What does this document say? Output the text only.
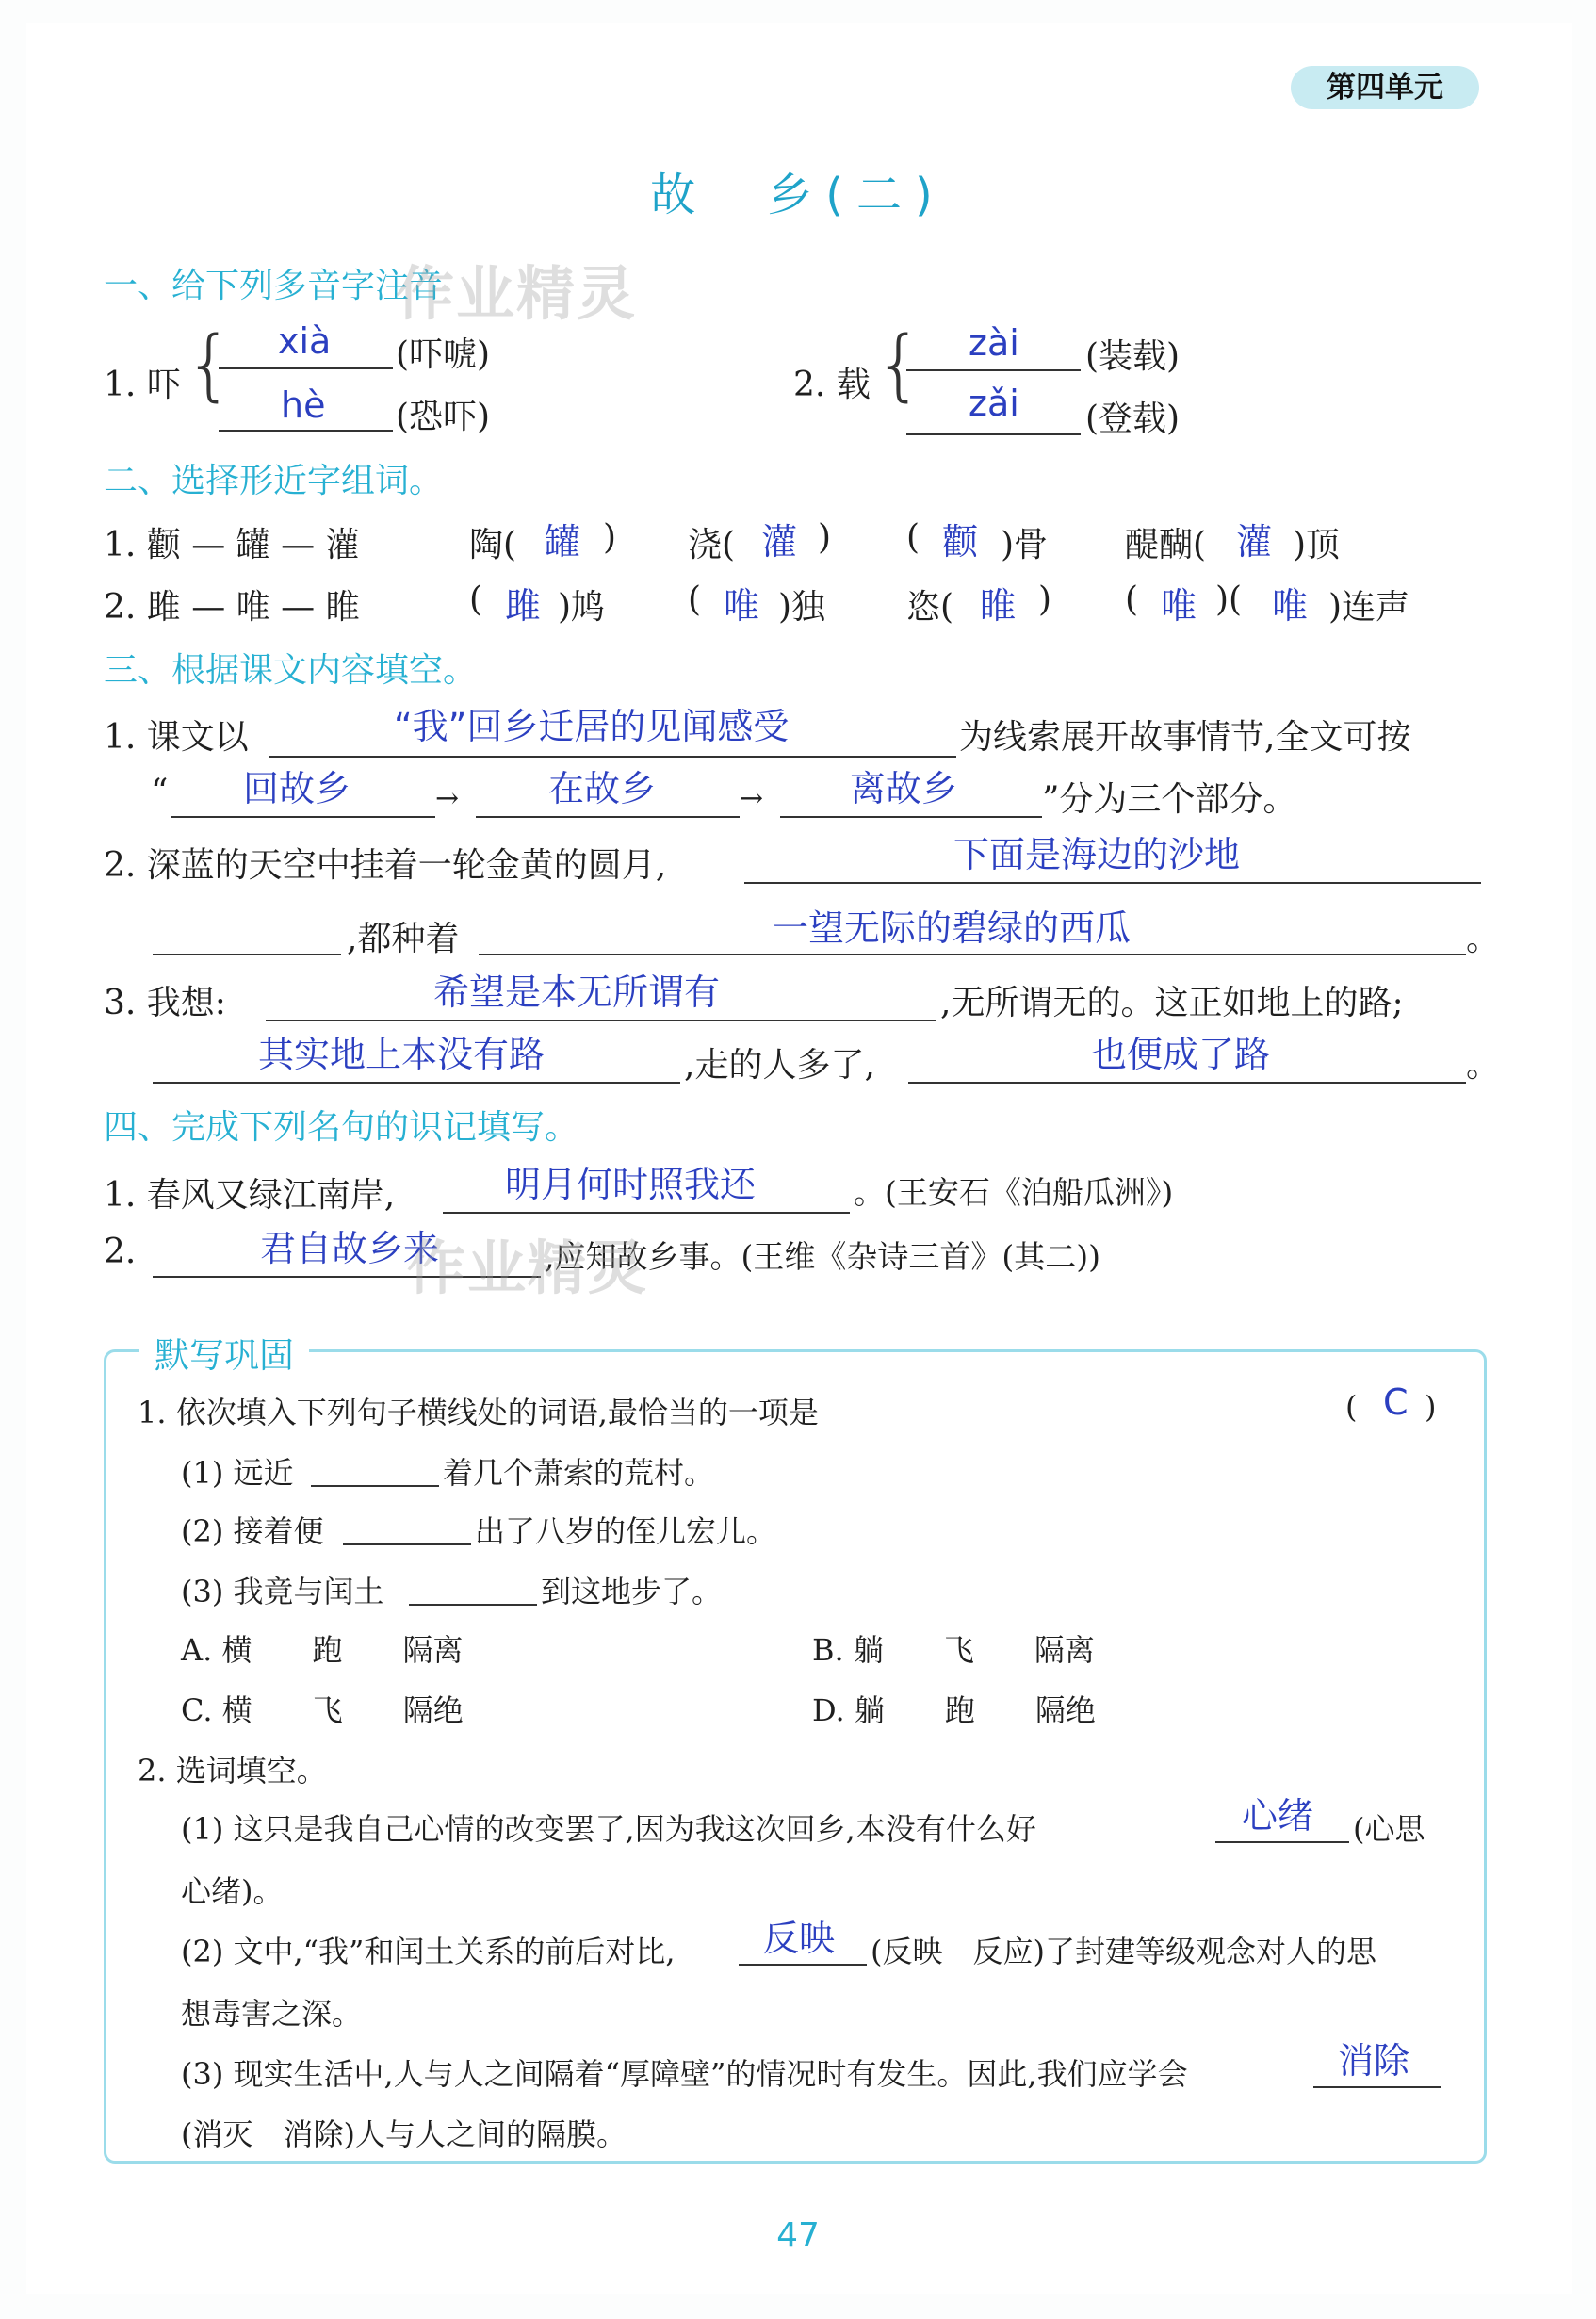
第四单元
故　乡(二)
一、给下列多音字注音
作业精灵
1. 吓 { xià (吓唬)
hè (恐吓)
2. 载 { zài (装载)
zǎi (登载)
二、选择形近字组词。
1. 颧 — 罐 — 灌	陶( 罐 ) 浇( 灌 ) ( 颧 )骨 醍醐( 灌 )顶
2. 雎 — 唯 — 睢	( 雎 )鸠 ( 唯 )独 恣( 睢 ) ( 唯 )( 唯 )连声
三、根据课文内容填空。
1. 课文以	“我”回乡迁居的见闻感受	为线索展开故事情节,全文可按
“ 回故乡	→ 在故乡	→ 离故乡 ”分为三个部分。
2. 深蓝的天空中挂着一轮金黄的圆月,	下面是海边的沙地
,都种着	一望无际的碧绿的西瓜	。
3. 我想:	希望是本无所谓有	,无所谓无的。这正如地上的路;
其实地上本没有路	,走的人多了,	也便成了路	。
四、完成下列名句的识记填写。
1. 春风又绿江南岸,	明月何时照我还	。(王安石《泊船瓜洲》)
2.	君自故乡来	,应知故乡事。(王维《杂诗三首》(其二))
作业精灵
默写巩固
1. 依次填入下列句子横线处的词语,最恰当的一项是	( C )
(1) 远近	着几个萧索的荒村。
(2) 接着便	出了八岁的侄儿宏儿。
(3) 我竟与闰土	到这地步了。
A. 横　　跑　　隔离	B. 躺　　飞　　隔离
C. 横　　飞　　隔绝	D. 躺　　跑　　隔绝
2. 选词填空。
(1) 这只是我自己心情的改变罢了,因为我这次回乡,本没有什么好	心绪 (心思
心绪)。
(2) 文中,“我”和闰土关系的前后对比, 反映 (反映　反应)了封建等级观念对人的思
想毒害之深。
(3) 现实生活中,人与人之间隔着“厚障壁”的情况时有发生。因此,我们应学会	消除
(消灭　消除)人与人之间的隔膜。
47
